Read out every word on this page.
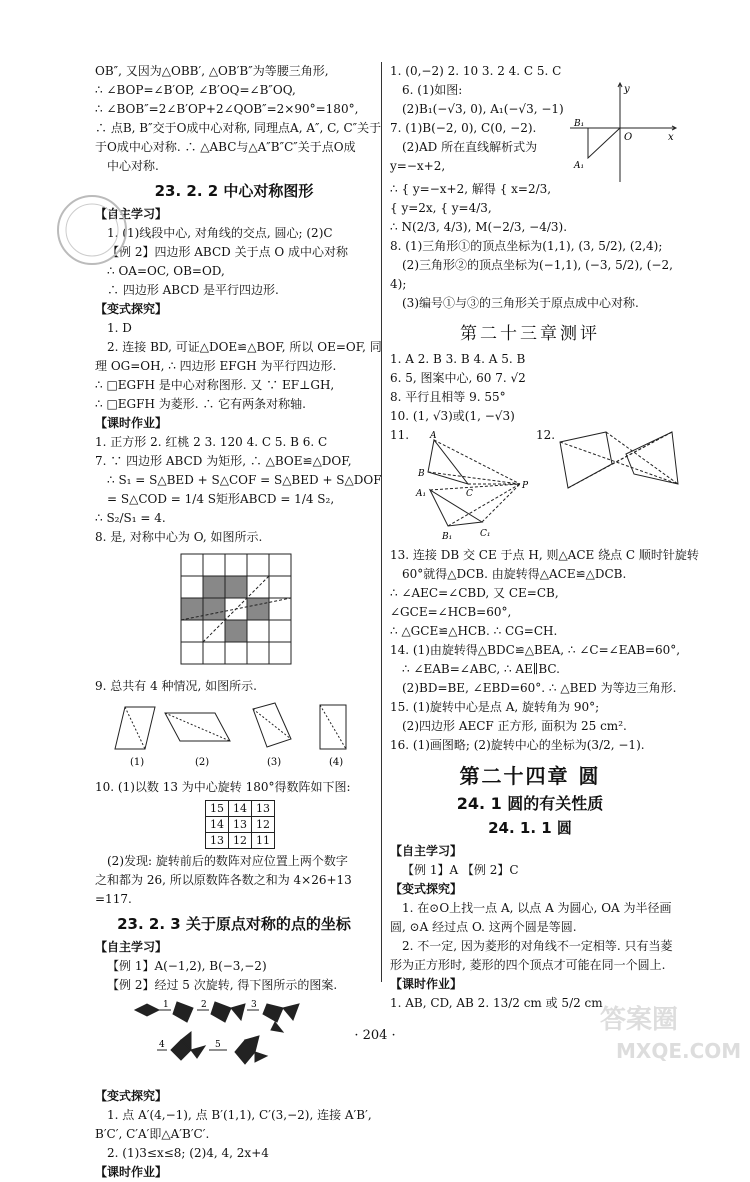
OB″, 又因为△OBB′, △OB′B″为等腰三角形,
∴ ∠BOP=∠B′OP, ∠B′OQ=∠B″OQ,
∴ ∠BOB″=2∠B′OP+2∠QOB″=2×90°=180°,
∴ 点B, B″交于O成中心对称, 同理点A, A″, C, C″关于
于O成中心对称. ∴ △ABC与△A″B″C″关于点O成
中心对称.
23. 2. 2 中心对称图形
【自主学习】
1. (1)线段中心, 对角线的交点, 圆心; (2)C
【例 2】四边形 ABCD 关于点 O 成中心对称
∴ OA=OC, OB=OD,
∴ 四边形 ABCD 是平行四边形.
【变式探究】
1. D
2. 连接 BD, 可证△DOE≌△BOF, 所以 OE=OF, 同
理 OG=OH, ∴ 四边形 EFGH 为平行四边形.
∴ □EGFH 是中心对称图形. 又 ∵ EF⊥GH,
∴ □EGFH 为菱形. ∴ 它有两条对称轴.
【课时作业】
1. 正方形 2. 红桃 2 3. 120 4. C 5. B 6. C
7. ∵ 四边形 ABCD 为矩形, ∴ △BOE≌△DOF,
∴ S₁ = S△BED + S△COF = S△BED + S△DOF
= S△COD = 1/4 S矩形ABCD = 1/4 S₂,
∴ S₂/S₁ = 4.
8. 是, 对称中心为 O, 如图所示.
9. 总共有 4 种情况, 如图所示.
(1)	(2)	(3)	(4)
10. (1)以数 13 为中心旋转 180°得数阵如下图:
15	14	13
14	13	12
13	12	11
(2)发现: 旋转前后的数阵对应位置上两个数字
之和都为 26, 所以原数阵各数之和为 4×26+13
=117.
23. 2. 3 关于原点对称的点的坐标
【自主学习】
【例 1】A(−1,2), B(−3,−2)
【例 2】经过 5 次旋转, 得下图所示的图案.
1	2	3
4	5
【变式探究】
1. 点 A′(4,−1), 点 B′(1,1), C′(3,−2), 连接 A′B′,
B′C′, C′A′即△A′B′C′.
2. (1)3≤x≤8; (2)4, 4, 2x+4
【课时作业】
1. (0,−2) 2. 10 3. 2 4. C 5. C
6. (1)如图:
(2)B₁(−√3, 0), A₁(−√3, −1)
7. (1)B(−2, 0), C(0, −2).
(2)AD 所在直线解析式为
y=−x+2,
y
x
O
B₁
A₁
∴ { y=−x+2, 解得 { x=2/3,
{ y=2x, { y=4/3,
∴ N(2/3, 4/3), M(−2/3, −4/3).
8. (1)三角形①的顶点坐标为(1,1), (3, 5/2), (2,4);
(2)三角形②的顶点坐标为(−1,1), (−3, 5/2), (−2,
4);
(3)编号①与③的三角形关于原点成中心对称.
第二十三章测评
1. A 2. B 3. B 4. A 5. B
6. 5, 图案中心, 60 7. √2
8. 平行且相等 9. 55°
10. (1, √3)或(1, −√3)
11.	12.
A
B
C
A₁
B₁	C₁
P
13. 连接 DB 交 CE 于点 H, 则△ACE 绕点 C 顺时针旋转
60°就得△DCB. 由旋转得△ACE≌△DCB.
∴ ∠AEC=∠CBD, 又 CE=CB,
∠GCE=∠HCB=60°,
∴ △GCE≌△HCB. ∴ CG=CH.
14. (1)由旋转得△BDC≌△BEA, ∴ ∠C=∠EAB=60°,
∴ ∠EAB=∠ABC, ∴ AE∥BC.
(2)BD=BE, ∠EBD=60°. ∴ △BED 为等边三角形.
15. (1)旋转中心是点 A, 旋转角为 90°;
(2)四边形 AECF 正方形, 面积为 25 cm².
16. (1)画图略; (2)旋转中心的坐标为(3/2, −1).
第二十四章 圆
24. 1 圆的有关性质
24. 1. 1 圆
【自主学习】
【例 1】A 【例 2】C
【变式探究】
1. 在⊙O上找一点 A, 以点 A 为圆心, OA 为半径画
圆, ⊙A 经过点 O. 这两个圆是等圆.
2. 不一定, 因为菱形的对角线不一定相等. 只有当菱
形为正方形时, 菱形的四个顶点才可能在同一个圆上.
【课时作业】
1. AB, CD, AB 2. 13/2 cm 或 5/2 cm
· 204 ·
答案圈
MXQE.COM
